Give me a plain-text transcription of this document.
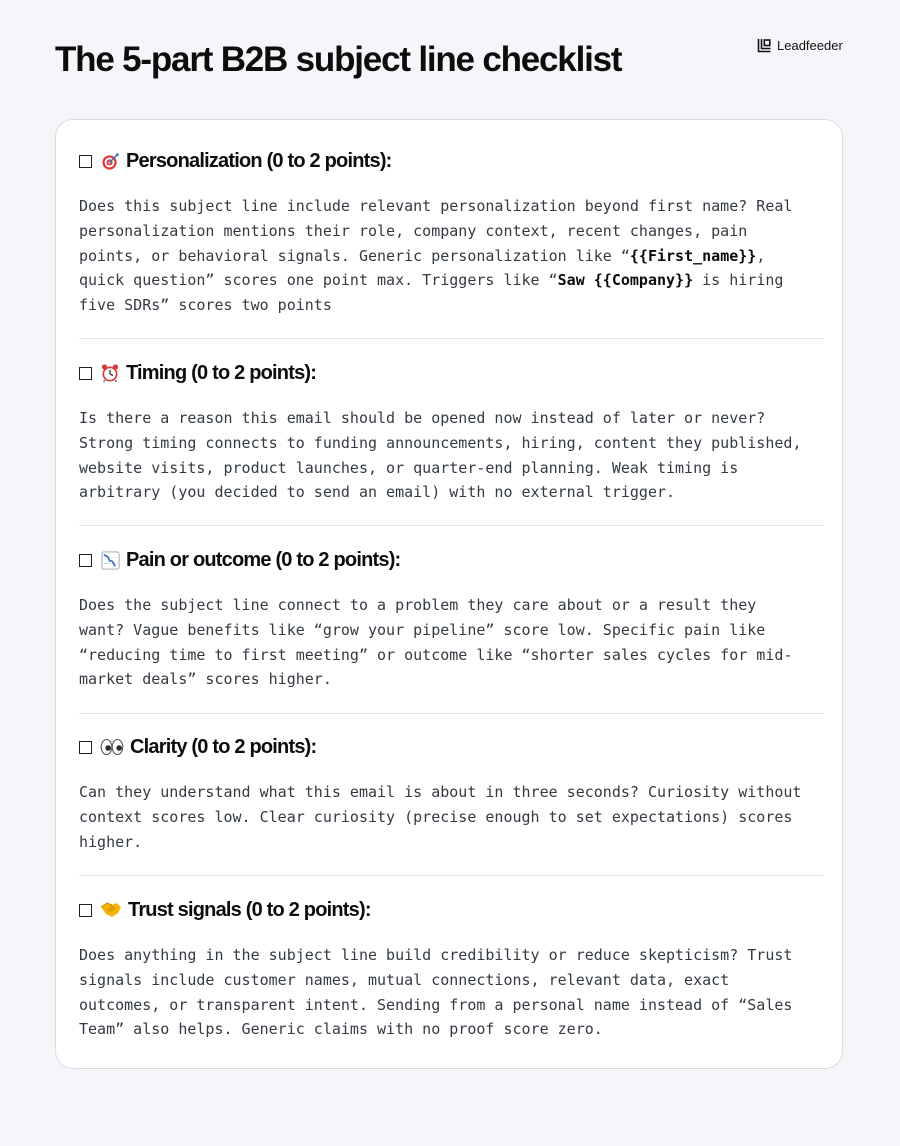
The 5-part B2B subject line checklist	Leadfeeder
Personalization (0 to 2 points):

Does this subject line include relevant personalization beyond first name? Real
personalization mentions their role, company context, recent changes, pain
points, or behavioral signals. Generic personalization like “{{First_name}},
quick question” scores one point max. Triggers like “Saw {{Company}} is hiring
five SDRs” scores two points

Timing (0 to 2 points):

Is there a reason this email should be opened now instead of later or never?
Strong timing connects to funding announcements, hiring, content they published,
website visits, product launches, or quarter-end planning. Weak timing is
arbitrary (you decided to send an email) with no external trigger.

Pain or outcome (0 to 2 points):

Does the subject line connect to a problem they care about or a result they
want? Vague benefits like “grow your pipeline” score low. Specific pain like
“reducing time to first meeting” or outcome like “shorter sales cycles for mid-
market deals” scores higher.

Clarity (0 to 2 points):

Can they understand what this email is about in three seconds? Curiosity without
context scores low. Clear curiosity (precise enough to set expectations) scores
higher.

Trust signals (0 to 2 points):

Does anything in the subject line build credibility or reduce skepticism? Trust
signals include customer names, mutual connections, relevant data, exact
outcomes, or transparent intent. Sending from a personal name instead of “Sales
Team” also helps. Generic claims with no proof score zero.
